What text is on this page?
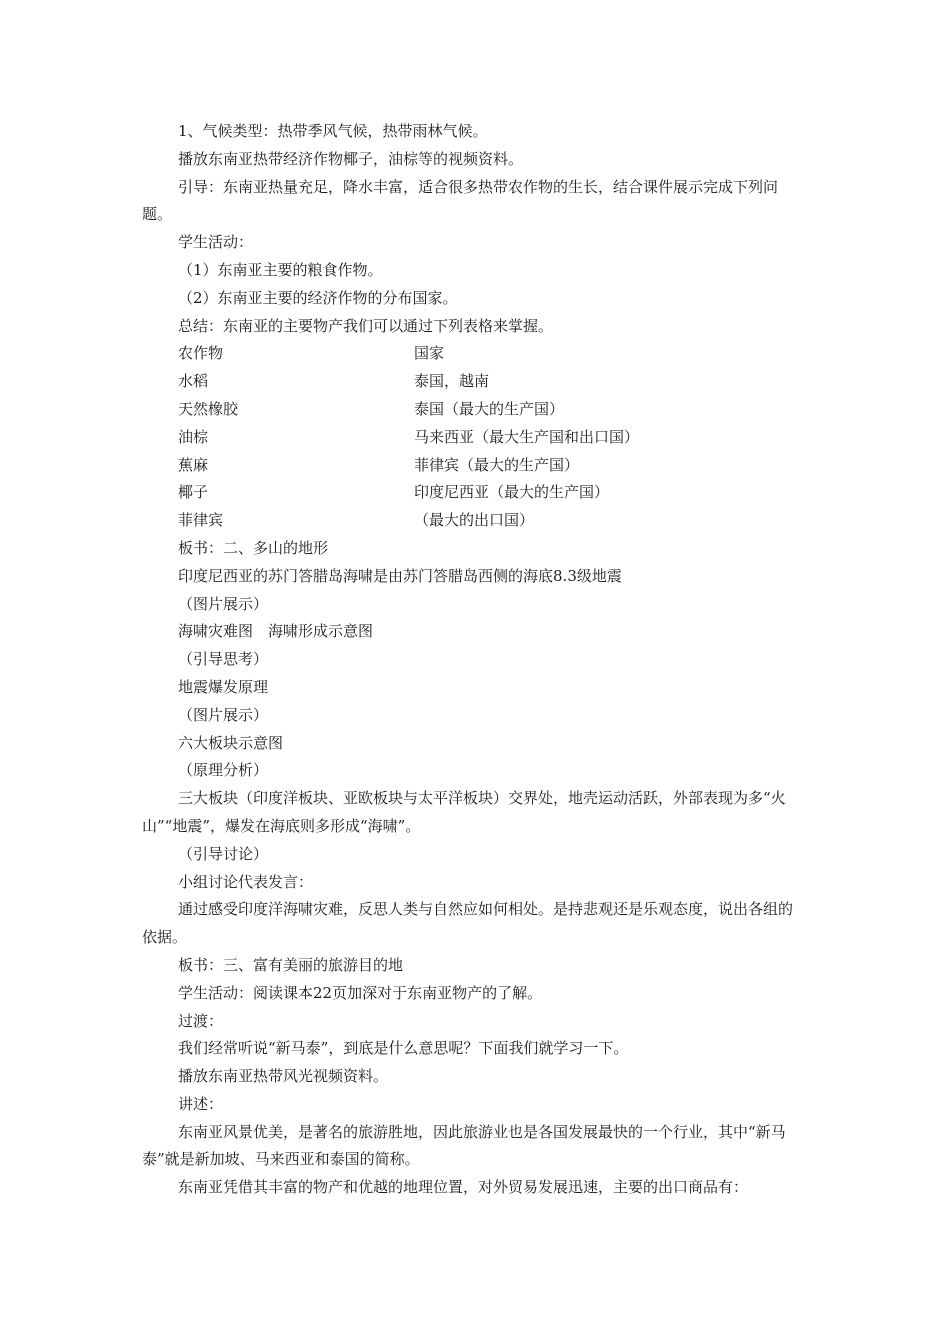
1、气候类型：热带季风气候，热带雨林气候。

播放东南亚热带经济作物椰子，油棕等的视频资料。

引导：东南亚热量充足，降水丰富，适合很多热带农作物的生长，结合课件展示完成下列问题。

学生活动：

（1）东南亚主要的粮食作物。

（2）东南亚主要的经济作物的分布国家。

总结：东南亚的主要物产我们可以通过下列表格来掌握。

农作物	国家
水稻	泰国，越南
天然橡胶	泰国（最大的生产国）
油棕	马来西亚（最大生产国和出口国）
蕉麻	菲律宾（最大的生产国）
椰子	印度尼西亚（最大的生产国）
菲律宾	（最大的出口国）

板书：二、多山的地形

印度尼西亚的苏门答腊岛海啸是由苏门答腊岛西侧的海底8.3级地震

（图片展示）

海啸灾难图　海啸形成示意图

（引导思考）

地震爆发原理

（图片展示）

六大板块示意图

（原理分析）

三大板块（印度洋板块、亚欧板块与太平洋板块）交界处，地壳运动活跃，外部表现为多“火山”“地震”，爆发在海底则多形成“海啸”。

（引导讨论）

小组讨论代表发言：

通过感受印度洋海啸灾难，反思人类与自然应如何相处。是持悲观还是乐观态度，说出各组的依据。

板书：三、富有美丽的旅游目的地

学生活动：阅读课本22页加深对于东南亚物产的了解。

过渡：

我们经常听说“新马泰”，到底是什么意思呢？下面我们就学习一下。

播放东南亚热带风光视频资料。

讲述：

东南亚风景优美，是著名的旅游胜地，因此旅游业也是各国发展最快的一个行业，其中“新马泰”就是新加坡、马来西亚和泰国的简称。

东南亚凭借其丰富的物产和优越的地理位置，对外贸易发展迅速，主要的出口商品有：
